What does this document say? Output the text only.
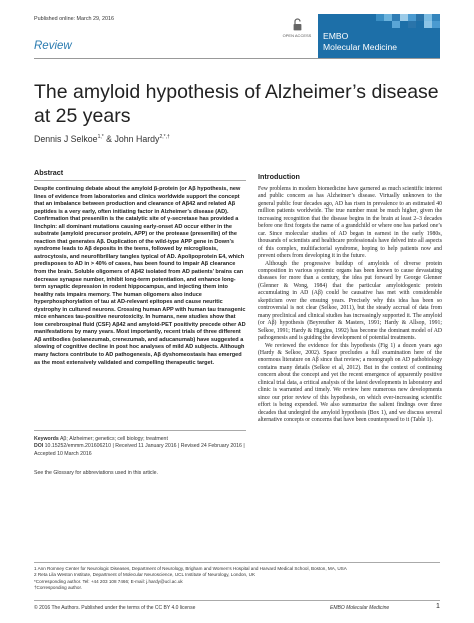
Published online: March 29, 2016
OPEN ACCESS EMBO
Molecular Medicine
Review
The amyloid hypothesis of Alzheimer’s disease at 25 years
Dennis J Selkoe$^{1,*}$ & John Hardy$^{2,*,\dagger}$
Abstract
Despite continuing debate about the amyloid β-protein (or Aβ hypothesis, new lines of evidence from laboratories and clinics worldwide support the concept that an imbalance between production and clearance of Aβ42 and related Aβ peptides is a very early, often initiating factor in Alzheimer’s disease (AD). Confirmation that presenilin is the catalytic site of γ-secretase has provided a linchpin: all dominant mutations causing early-onset AD occur either in the substrate (amyloid precursor protein, APP) or the protease (presenilin) of the reaction that generates Aβ. Duplication of the wild-type APP gene in Down’s syndrome leads to Aβ deposits in the teens, followed by microgliosis, astrocytosis, and neurofibrillary tangles typical of AD. Apolipoprotein E4, which predisposes to AD in > 40% of cases, has been found to impair Aβ clearance from the brain. Soluble oligomers of Aβ42 isolated from AD patients’ brains can decrease synapse number, inhibit long-term potentiation, and enhance long-term synaptic depression in rodent hippocampus, and injecting them into healthy rats impairs memory. The human oligomers also induce hyperphosphorylation of tau at AD-relevant epitopes and cause neuritic dystrophy in cultured neurons. Crossing human APP with human tau transgenic mice enhances tau-positive neurotoxicity. In humans, new studies show that low cerebrospinal fluid (CSF) Aβ42 and amyloid-PET positivity precede other AD manifestations by many years. Most importantly, recent trials of three different Aβ antibodies (solanezumab, crenezumab, and aducanumab) have suggested a slowing of cognitive decline in post hoc analyses of mild AD subjects. Although many factors contribute to AD pathogenesis, Aβ dyshomeostasis has emerged as the most extensively validated and compelling therapeutic target.
Keywords Aβ; Alzheimer; genetics; cell biology; treatment
DOI 10.15252/emmm.201606210 | Received 11 January 2016 | Revised 24 February 2016 | Accepted 10 March 2016
See the Glossary for abbreviations used in this article.
Introduction

Few problems in modern biomedicine have garnered as much scientific interest and public concern as has Alzheimer’s disease. Virtually unknown to the general public four decades ago, AD has risen in prevalence to an estimated 40 million patients worldwide. The true number must be much higher, given the increasing recognition that the disease begins in the brain at least 2–3 decades before one first forgets the name of a grandchild or where one has parked one’s car. Since molecular studies of AD began in earnest in the early 1980s, thousands of scientists and healthcare professionals have delved into all aspects of this complex, multifactorial syndrome, hoping to help patients now and prevent others from developing it in the future.

Although the progressive buildup of amyloids of diverse protein composition in various systemic organs has been known to cause devastating diseases for more than a century, the idea put forward by George Glenner (Glenner & Wong, 1984) that the particular amyloidogenic protein accumulating in AD (Aβ) could be causative has met with considerable skepticism over the ensuing years. Precisely why this idea has been so controversial is not clear (Selkoe, 2011), but the steady accrual of data from many preclinical and clinical studies has increasingly supported it. The amyloid (or Aβ) hypothesis (Beyreuther & Masters, 1991; Hardy & Allsop, 1991; Selkoe, 1991; Hardy & Higgins, 1992) has become the dominant model of AD pathogenesis and is guiding the development of potential treatments.

We reviewed the evidence for this hypothesis (Fig 1) a dozen years ago (Hardy & Selkoe, 2002). Space precludes a full examination here of the enormous literature on Aβ since that review; a monograph on AD pathobiology contains many details (Selkoe et al, 2012). But in the context of continuing concern about the concept and yet the recent emergence of apparently positive clinical trial data, a critical analysis of the latest developments in laboratory and clinic is warranted and timely. We review here numerous new developments since our prior review of this hypothesis, on which ever-increasing scientific effort is being expended. We also summarize the salient findings over three decades that undergird the amyloid hypothesis (Box 1), and we discuss several alternative concepts or concerns that have been counterposed to it (Table 1).

1 Ann Romney Center for Neurologic Diseases, Department of Neurology, Brigham and Women’s Hospital and Harvard Medical School, Boston, MA, USA
2 Reta Lila Weston Institute, Department of Molecular Neuroscience, UCL Institute of Neurology, London, UK
*Corresponding author. Tel: +44 203 108 7466; E-mail: j.hardy@ucl.ac.uk
†Corresponding author.
© 2016 The Authors. Published under the terms of the CC BY 4.0 license	EMBO Molecular Medicine	1
